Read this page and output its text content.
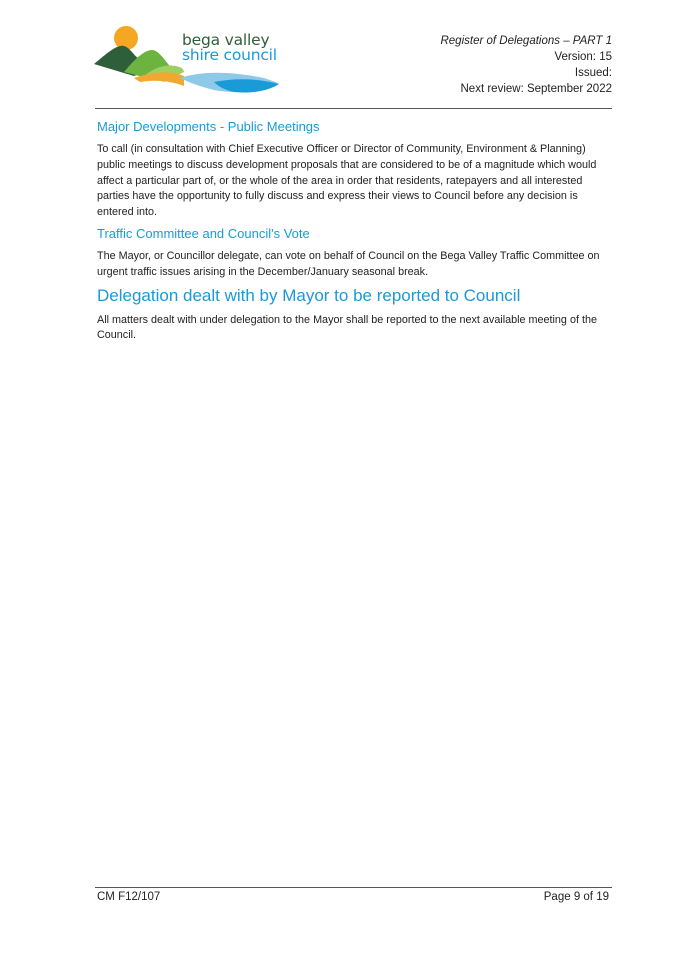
bega valley
shire council
Register of Delegations – PART 1
Version: 15
Issued:
Next review: September 2022
Major Developments - Public Meetings

To call (in consultation with Chief Executive Officer or Director of Community, Environment & Planning) public meetings to discuss development proposals that are considered to be of a magnitude which would affect a particular part of, or the whole of the area in order that residents, ratepayers and all interested parties have the opportunity to fully discuss and express their views to Council before any decision is entered into.

Traffic Committee and Council's Vote

The Mayor, or Councillor delegate, can vote on behalf of Council on the Bega Valley Traffic Committee on urgent traffic issues arising in the December/January seasonal break.

Delegation dealt with by Mayor to be reported to Council

All matters dealt with under delegation to the Mayor shall be reported to the next available meeting of the Council.

CM F12/107	Page 9 of 19
